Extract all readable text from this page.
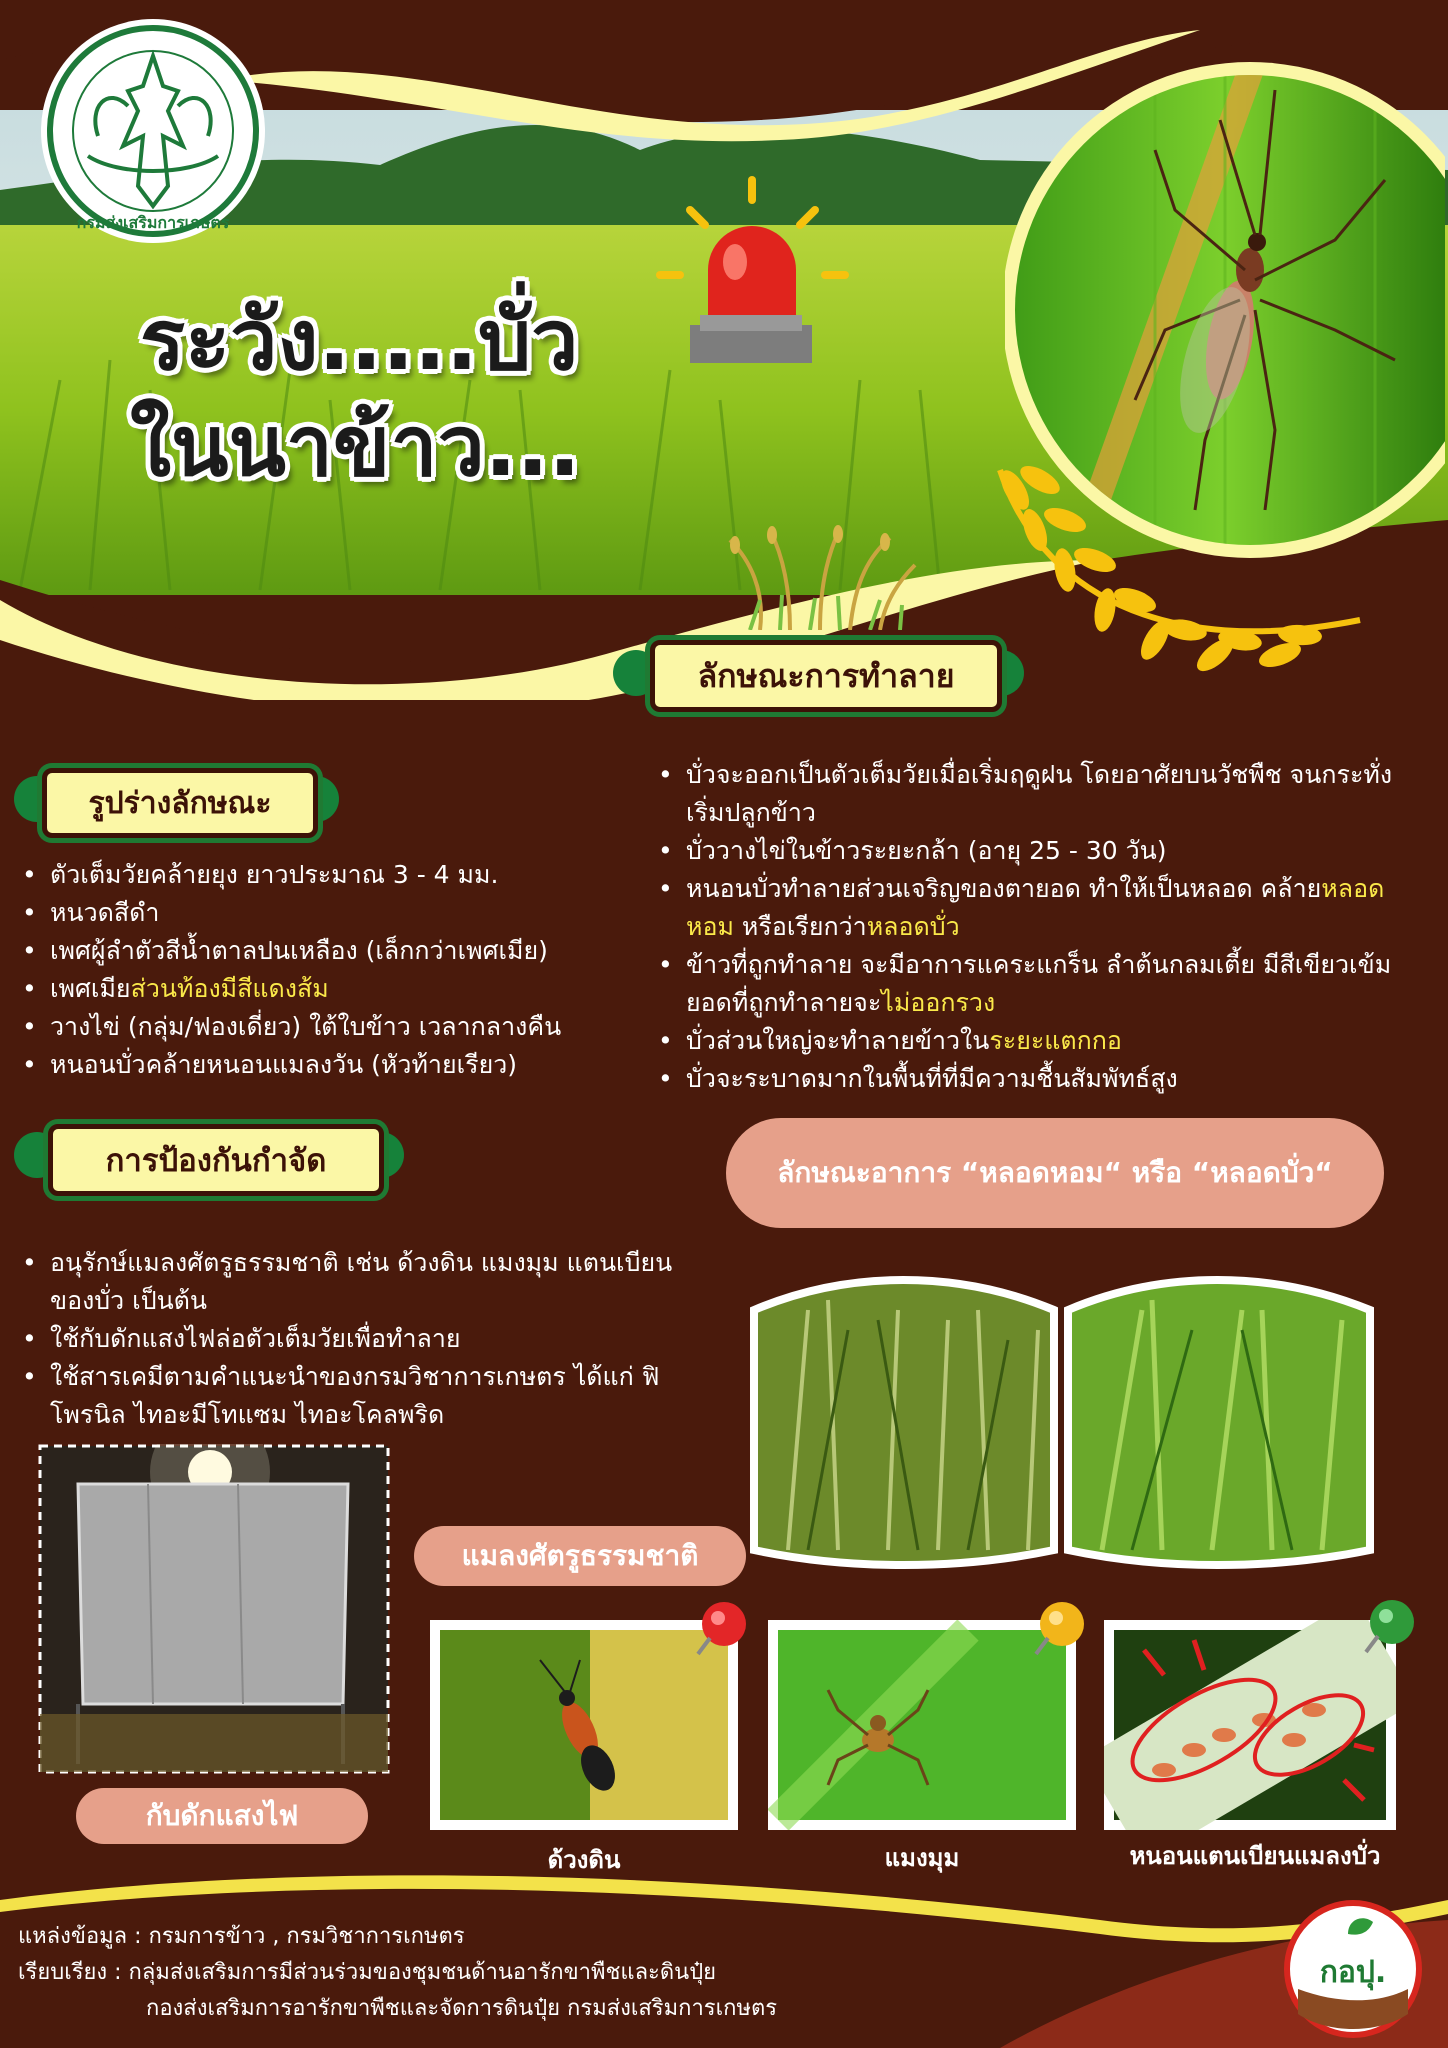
กรมส่งเสริมการเกษตร
ระวัง.....บั่ว
ในนาข้าว...
ลักษณะการทำลาย
รูปร่างลักษณะ
• ตัวเต็มวัยคล้ายยุง ยาวประมาณ 3 - 4 มม.
• หนวดสีดำ
• เพศผู้ลำตัวสีน้ำตาลปนเหลือง (เล็กกว่าเพศเมีย)
• เพศเมียส่วนท้องมีสีแดงส้ม
• วางไข่ (กลุ่ม/ฟองเดี่ยว) ใต้ใบข้าว เวลากลางคืน
• หนอนบั่วคล้ายหนอนแมลงวัน (หัวท้ายเรียว)
• บั่วจะออกเป็นตัวเต็มวัยเมื่อเริ่มฤดูฝน โดยอาศัยบนวัชพืช จนกระทั่งเริ่มปลูกข้าว
• บั่ววางไข่ในข้าวระยะกล้า (อายุ 25 - 30 วัน)
• หนอนบั่วทำลายส่วนเจริญของตายอด ทำให้เป็นหลอด คล้ายหลอดหอม หรือเรียกว่าหลอดบั่ว
• ข้าวที่ถูกทำลาย จะมีอาการแคระแกร็น ลำต้นกลมเตี้ย มีสีเขียวเข้ม ยอดที่ถูกทำลายจะไม่ออกรวง
• บั่วส่วนใหญ่จะทำลายข้าวในระยะแตกกอ
• บั่วจะระบาดมากในพื้นที่ที่มีความชื้นสัมพัทธ์สูง
การป้องกันกำจัด
• อนุรักษ์แมลงศัตรูธรรมชาติ เช่น ด้วงดิน แมงมุม แตนเบียนของบั่ว เป็นต้น
• ใช้กับดักแสงไฟล่อตัวเต็มวัยเพื่อทำลาย
• ใช้สารเคมีตามคำแนะนำของกรมวิชาการเกษตร ได้แก่ ฟิโพรนิล ไทอะมีโทแซม ไทอะโคลพริด
ลักษณะอาการ “หลอดหอม“ หรือ “หลอดบั่ว“
กับดักแสงไฟ
แมลงศัตรูธรรมชาติ
ด้วงดิน	แมงมุม	หนอนแตนเบียนแมลงบั่ว
แหล่งข้อมูล : กรมการข้าว , กรมวิชาการเกษตร
เรียบเรียง : กลุ่มส่งเสริมการมีส่วนร่วมของชุมชนด้านอารักขาพืชและดินปุ๋ย
กองส่งเสริมการอารักขาพืชและจัดการดินปุ๋ย กรมส่งเสริมการเกษตร
กอปุ.
